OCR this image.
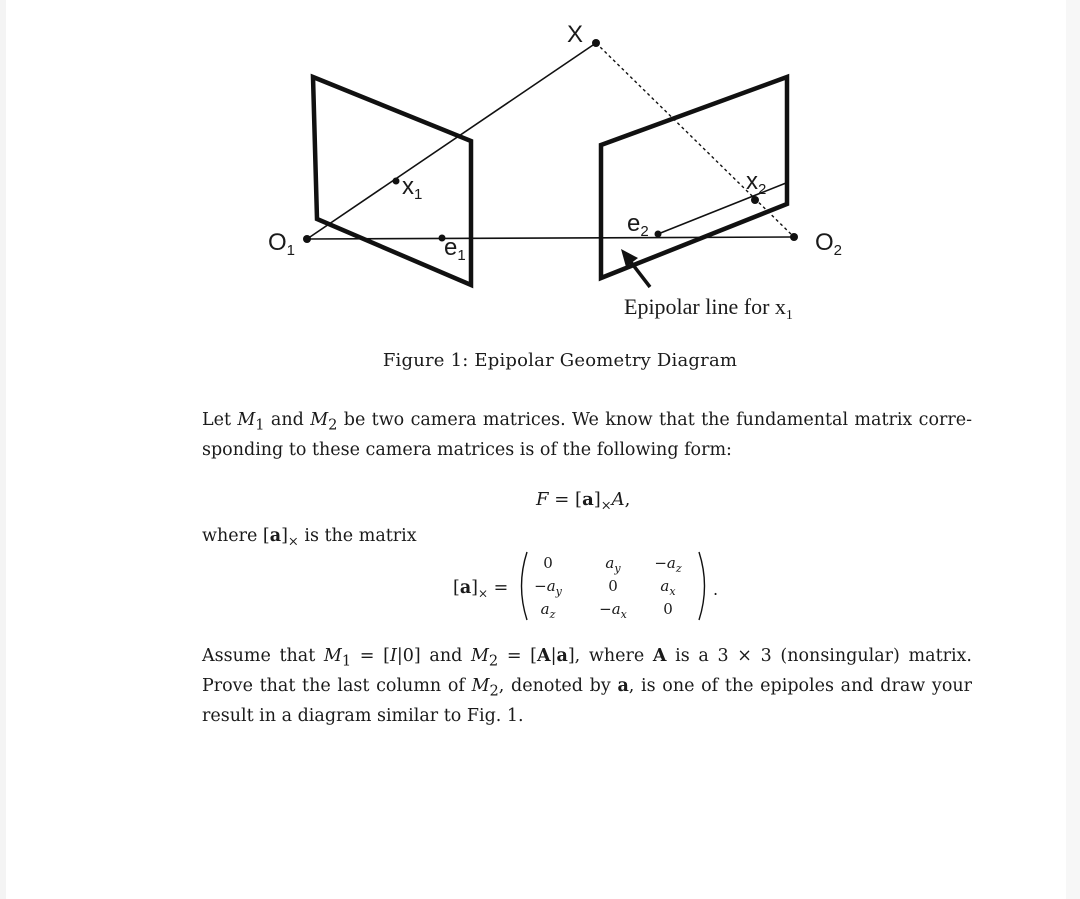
X
x1	x2
e1
e2
O1	O2
Epipolar line for x1
Figure 1: Epipolar Geometry Diagram
Let $M_1$ and $M_2$ be two camera matrices. We know that the fundamental matrix corre- sponding to these camera matrices is of the following form:
$F = [a]_\times A$,
where $[a]_\times$ is the matrix
$[a]_\times$ =
0	$a_y$	$-a_z$
$-a_y$	0	$a_x$
$a_z$	$-a_x$	0
.
Assume that $M_1 = [I|0]$ and $M_2 = [A|a]$, where A is a 3 × 3 (nonsingular) matrix. Prove that the last column of $M_2$, denoted by a, is one of the epipoles and draw your result in a diagram similar to Fig. 1.
